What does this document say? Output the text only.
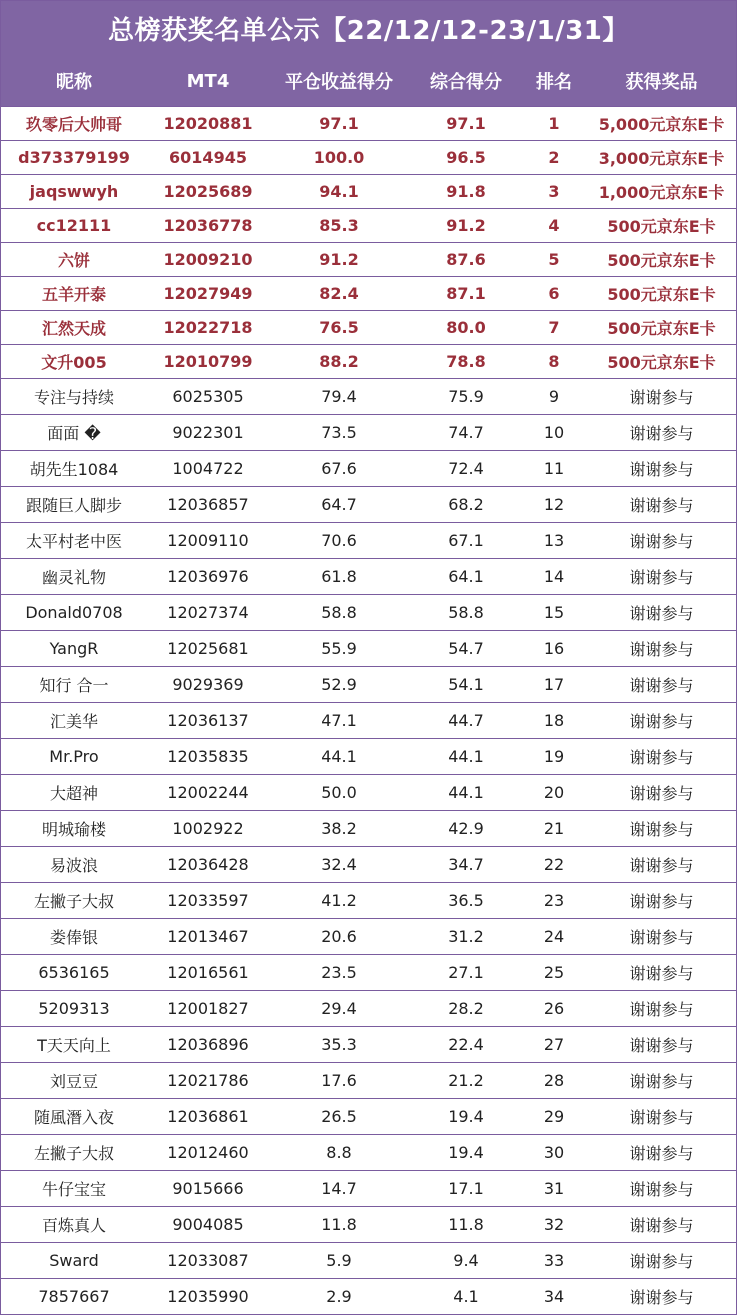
总榜获奖名单公示【22/12/12-23/1/31】
昵称	MT4	平仓收益得分	综合得分	排名	获得奖品
玖零后大帅哥	12020881	97.1	97.1	1	5,000元京东E卡
d373379199	6014945	100.0	96.5	2	3,000元京东E卡
jaqswwyh	12025689	94.1	91.8	3	1,000元京东E卡
cc12111	12036778	85.3	91.2	4	500元京东E卡
六饼	12009210	91.2	87.6	5	500元京东E卡
五羊开泰	12027949	82.4	87.1	6	500元京东E卡
汇然天成	12022718	76.5	80.0	7	500元京东E卡
文升005	12010799	88.2	78.8	8	500元京东E卡
专注与持续	6025305	79.4	75.9	9	谢谢参与
面面 �	9022301	73.5	74.7	10	谢谢参与
胡先生1084	1004722	67.6	72.4	11	谢谢参与
跟随巨人脚步	12036857	64.7	68.2	12	谢谢参与
太平村老中医	12009110	70.6	67.1	13	谢谢参与
幽灵礼物	12036976	61.8	64.1	14	谢谢参与
Donald0708	12027374	58.8	58.8	15	谢谢参与
YangR	12025681	55.9	54.7	16	谢谢参与
知行 合一	9029369	52.9	54.1	17	谢谢参与
汇美华	12036137	47.1	44.7	18	谢谢参与
Mr.Pro	12035835	44.1	44.1	19	谢谢参与
大超神	12002244	50.0	44.1	20	谢谢参与
明城瑜楼	1002922	38.2	42.9	21	谢谢参与
易波浪	12036428	32.4	34.7	22	谢谢参与
左撇子大叔	12033597	41.2	36.5	23	谢谢参与
娄俸银	12013467	20.6	31.2	24	谢谢参与
6536165	12016561	23.5	27.1	25	谢谢参与
5209313	12001827	29.4	28.2	26	谢谢参与
T天天向上	12036896	35.3	22.4	27	谢谢参与
刘豆豆	12021786	17.6	21.2	28	谢谢参与
随風潛入夜	12036861	26.5	19.4	29	谢谢参与
左撇子大叔	12012460	8.8	19.4	30	谢谢参与
牛仔宝宝	9015666	14.7	17.1	31	谢谢参与
百炼真人	9004085	11.8	11.8	32	谢谢参与
Sward	12033087	5.9	9.4	33	谢谢参与
7857667	12035990	2.9	4.1	34	谢谢参与
